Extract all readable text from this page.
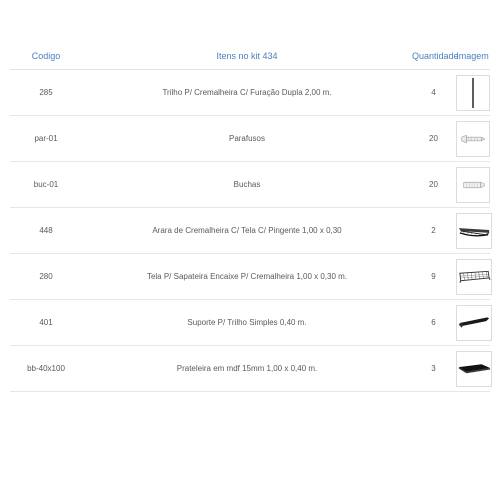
Codigo	Itens no kit 434	Quantidade	Imagem
285	Trilho P/ Cremalheira C/ Furação Dupla 2,00 m.	4	

par-01	Parafusos	20	

buc-01	Buchas	20	

448	Arara de Cremalheira C/ Tela C/ Pingente 1,00 x 0,30	2	

280	Tela P/ Sapateira Encaixe P/ Cremalheira 1,00 x 0,30 m.	9	

401	Suporte P/ Trilho Simples 0,40 m.	6	

bb-40x100	Prateleira em mdf 15mm 1,00 x 0,40 m.	3	
